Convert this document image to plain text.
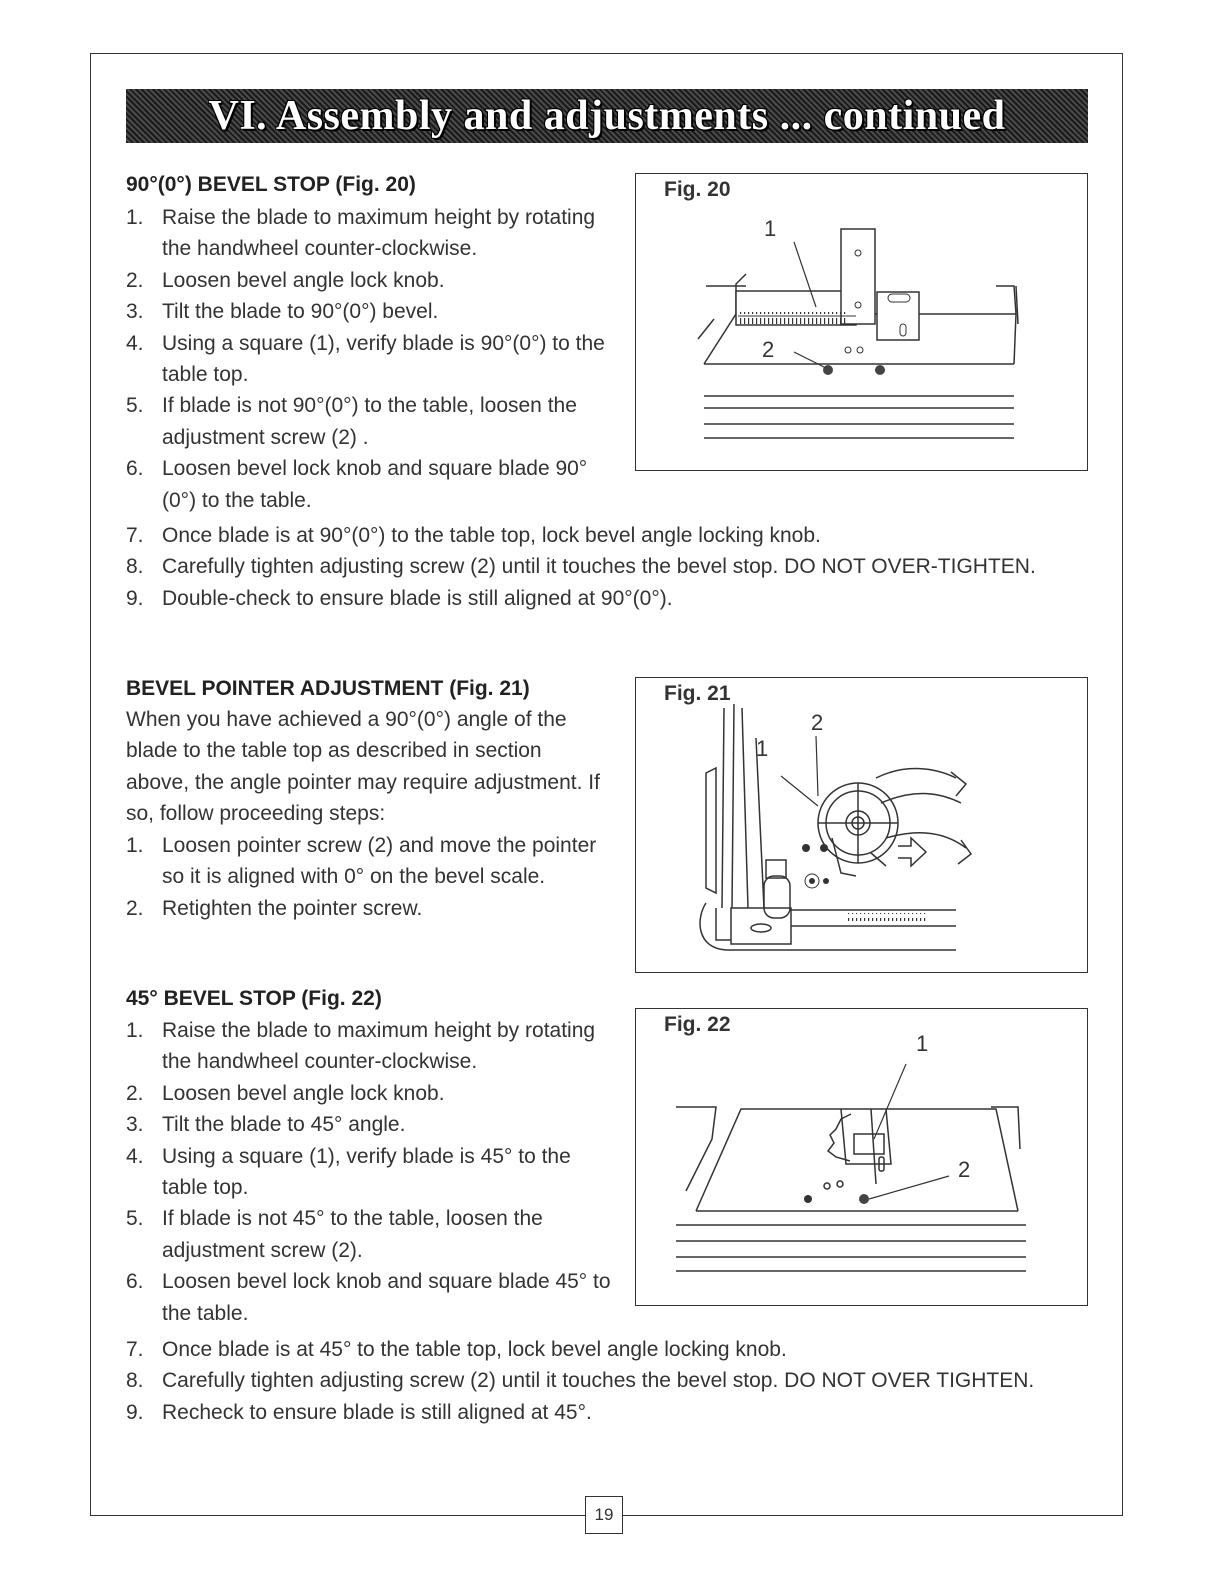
VI. Assembly and adjustments ... continued
90°(0°) BEVEL STOP (Fig. 20)
1. Raise the blade to maximum height by rotating the handwheel counter-clockwise.
2. Loosen bevel angle lock knob.
3. Tilt the blade to 90°(0°) bevel.
4. Using a square (1), verify blade is 90°(0°) to the table top.
5. If blade is not 90°(0°) to the table, loosen the adjustment screw (2) .
6. Loosen bevel lock knob and square blade 90°(0°) to the table.
7. Once blade is at 90°(0°) to the table top, lock bevel angle locking knob.
8. Carefully tighten adjusting screw (2) until it touches the bevel stop. DO NOT OVER-TIGHTEN.
9. Double-check to ensure blade is still aligned at 90°(0°).
Fig. 20
1
2
BEVEL POINTER ADJUSTMENT (Fig. 21)

When you have achieved a 90°(0°) angle of the blade to the table top as described in section above, the angle pointer may require adjustment. If so, follow proceeding steps:

1. Loosen pointer screw (2) and move the pointer so it is aligned with 0° on the bevel scale.
2. Retighten the pointer screw.
Fig. 21
1
2
45° BEVEL STOP (Fig. 22)
1. Raise the blade to maximum height by rotating the handwheel counter-clockwise.
2. Loosen bevel angle lock knob.
3. Tilt the blade to 45° angle.
4. Using a square (1), verify blade is 45° to the table top.
5. If blade is not 45° to the table, loosen the adjustment screw (2).
6. Loosen bevel lock knob and square blade 45° to the table.
7. Once blade is at 45° to the table top, lock bevel angle locking knob.
8. Carefully tighten adjusting screw (2) until it touches the bevel stop. DO NOT OVER TIGHTEN.
9. Recheck to ensure blade is still aligned at 45°.
Fig. 22
1
2
19
